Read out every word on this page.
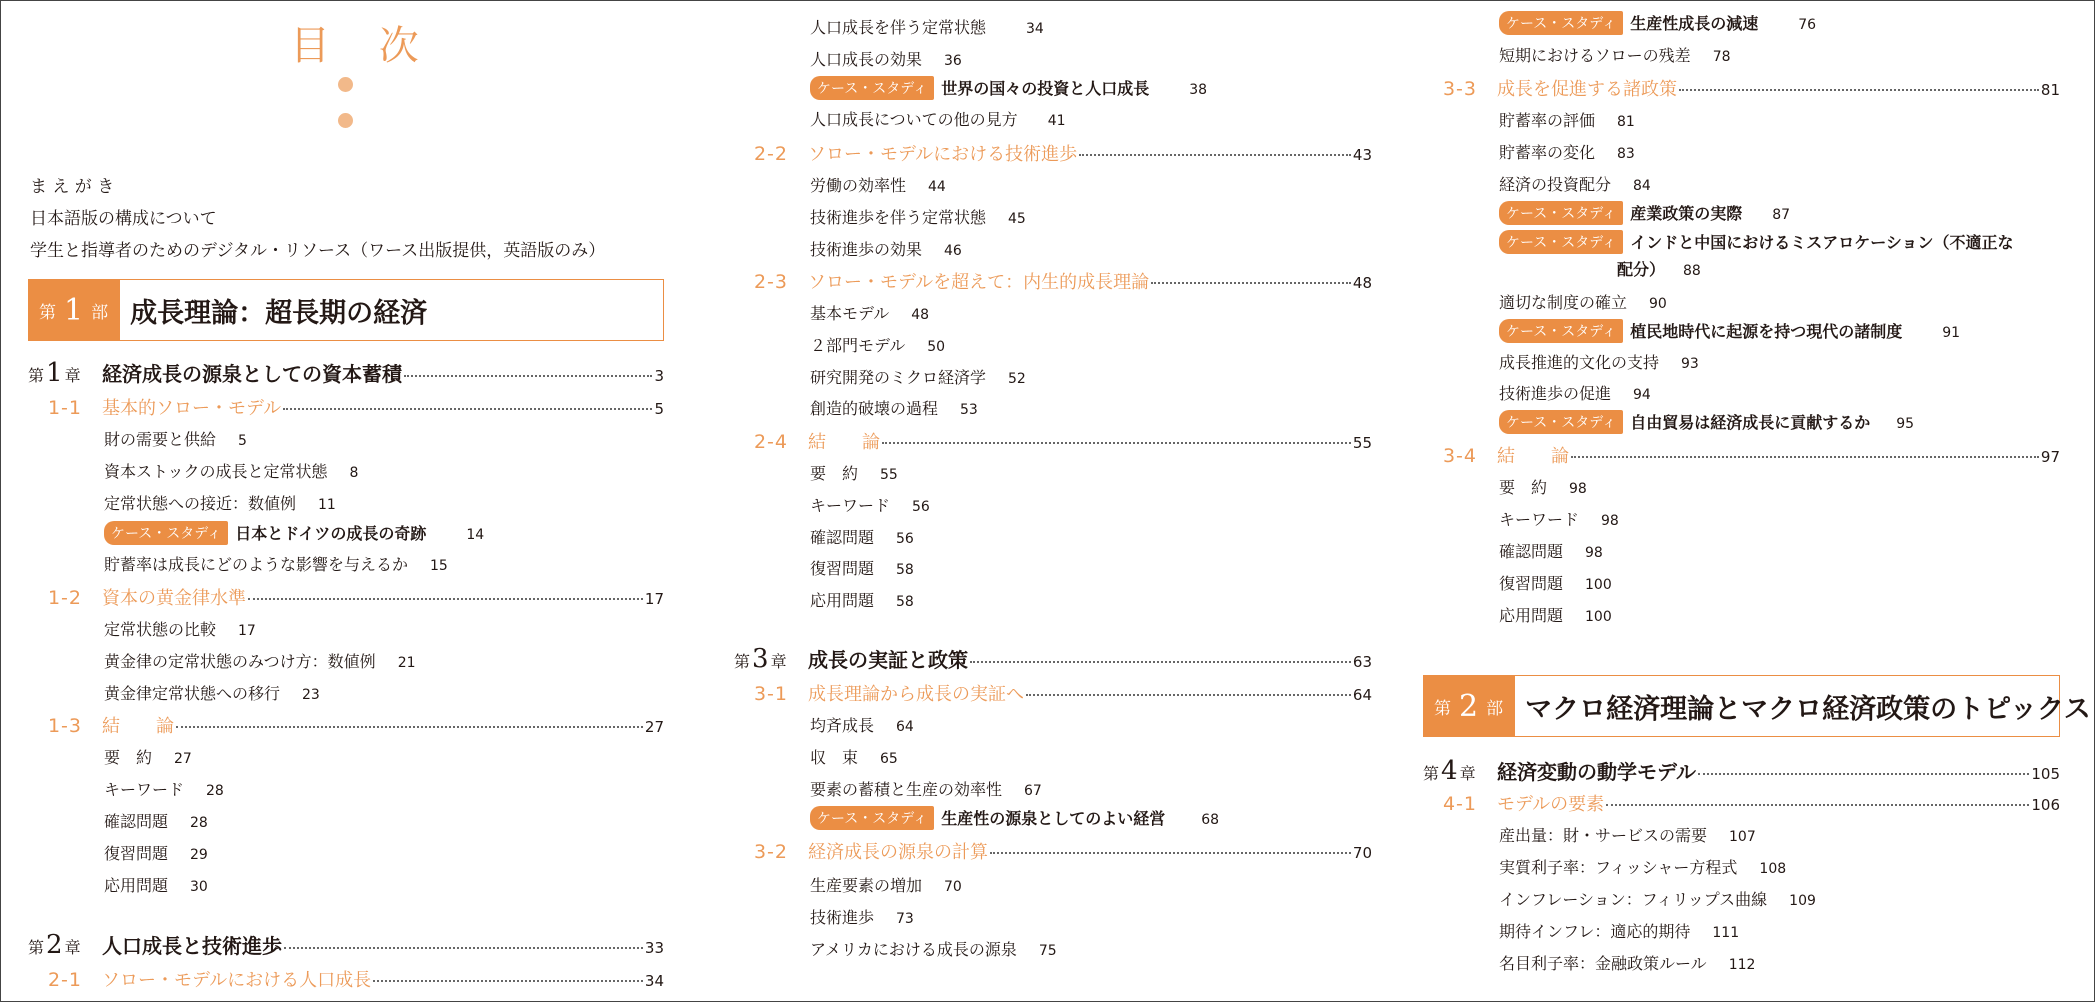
目 次
ま え が き
日本語版の構成について
学生と指導者のためのデジタル・リソース（ワース出版提供，英語版のみ）
第 1 部 成長理論：超長期の経済
第1 章	経済成長の源泉としての資本蓄積	3
1-1	基本的ソロー・モデル	5
財の需要と供給 5
資本ストックの成長と定常状態 8
定常状態への接近：数値例 11
ケース・スタディ 日本とドイツの成長の奇跡	14
貯蓄率は成長にどのような影響を与えるか 15
1-2	資本の黄金律水準	17
定常状態の比較 17
黄金律の定常状態のみつけ方：数値例 21
黄金律定常状態への移行 23
1-3	結　　論	27
要　約 27
キーワード 28
確認問題 28
復習問題 29
応用問題 30
第2 章	人口成長と技術進歩	33
2-1	ソロー・モデルにおける人口成長	34
人口成長を伴う定常状態	34
人口成長の効果 36
ケース・スタディ 世界の国々の投資と人口成長	38
人口成長についての他の見方 41
2-2	ソロー・モデルにおける技術進歩	43
労働の効率性 44
技術進歩を伴う定常状態 45
技術進歩の効果 46
2-3	ソロー・モデルを超えて：内生的成長理論	48
基本モデル 48
２部門モデル 50
研究開発のミクロ経済学 52
創造的破壊の過程 53
2-4	結　　論	55
要　約 55
キーワード 56
確認問題 56
復習問題 58
応用問題 58
第3 章	成長の実証と政策	63
3-1	成長理論から成長の実証へ	64
均斉成長 64
収　束 65
要素の蓄積と生産の効率性 67
ケース・スタディ 生産性の源泉としてのよい経営	68
3-2	経済成長の源泉の計算	70
生産要素の増加 70
技術進歩 73
アメリカにおける成長の源泉 75
ケース・スタディ 生産性成長の減速	76
短期におけるソローの残差 78
3-3	成長を促進する諸政策	81
貯蓄率の評価 81
貯蓄率の変化 83
経済の投資配分 84
ケース・スタディ 産業政策の実際 87
ケース・スタディ インドと中国におけるミスアロケーション（不適正な
配分） 88
適切な制度の確立 90
ケース・スタディ 植民地時代に起源を持つ現代の諸制度	91
成長推進的文化の支持 93
技術進歩の促進 94
ケース・スタディ 自由貿易は経済成長に貢献するか 95
3-4	結　　論	97
要　約 98
キーワード 98
確認問題 98
復習問題 100
応用問題 100
第 2 部 マクロ経済理論とマクロ経済政策のトピックス
第4 章	経済変動の動学モデル	105
4-1	モデルの要素	106
産出量：財・サービスの需要 107
実質利子率：フィッシャー方程式 108
インフレーション：フィリップス曲線 109
期待インフレ：適応的期待 111
名目利子率：金融政策ルール 112
